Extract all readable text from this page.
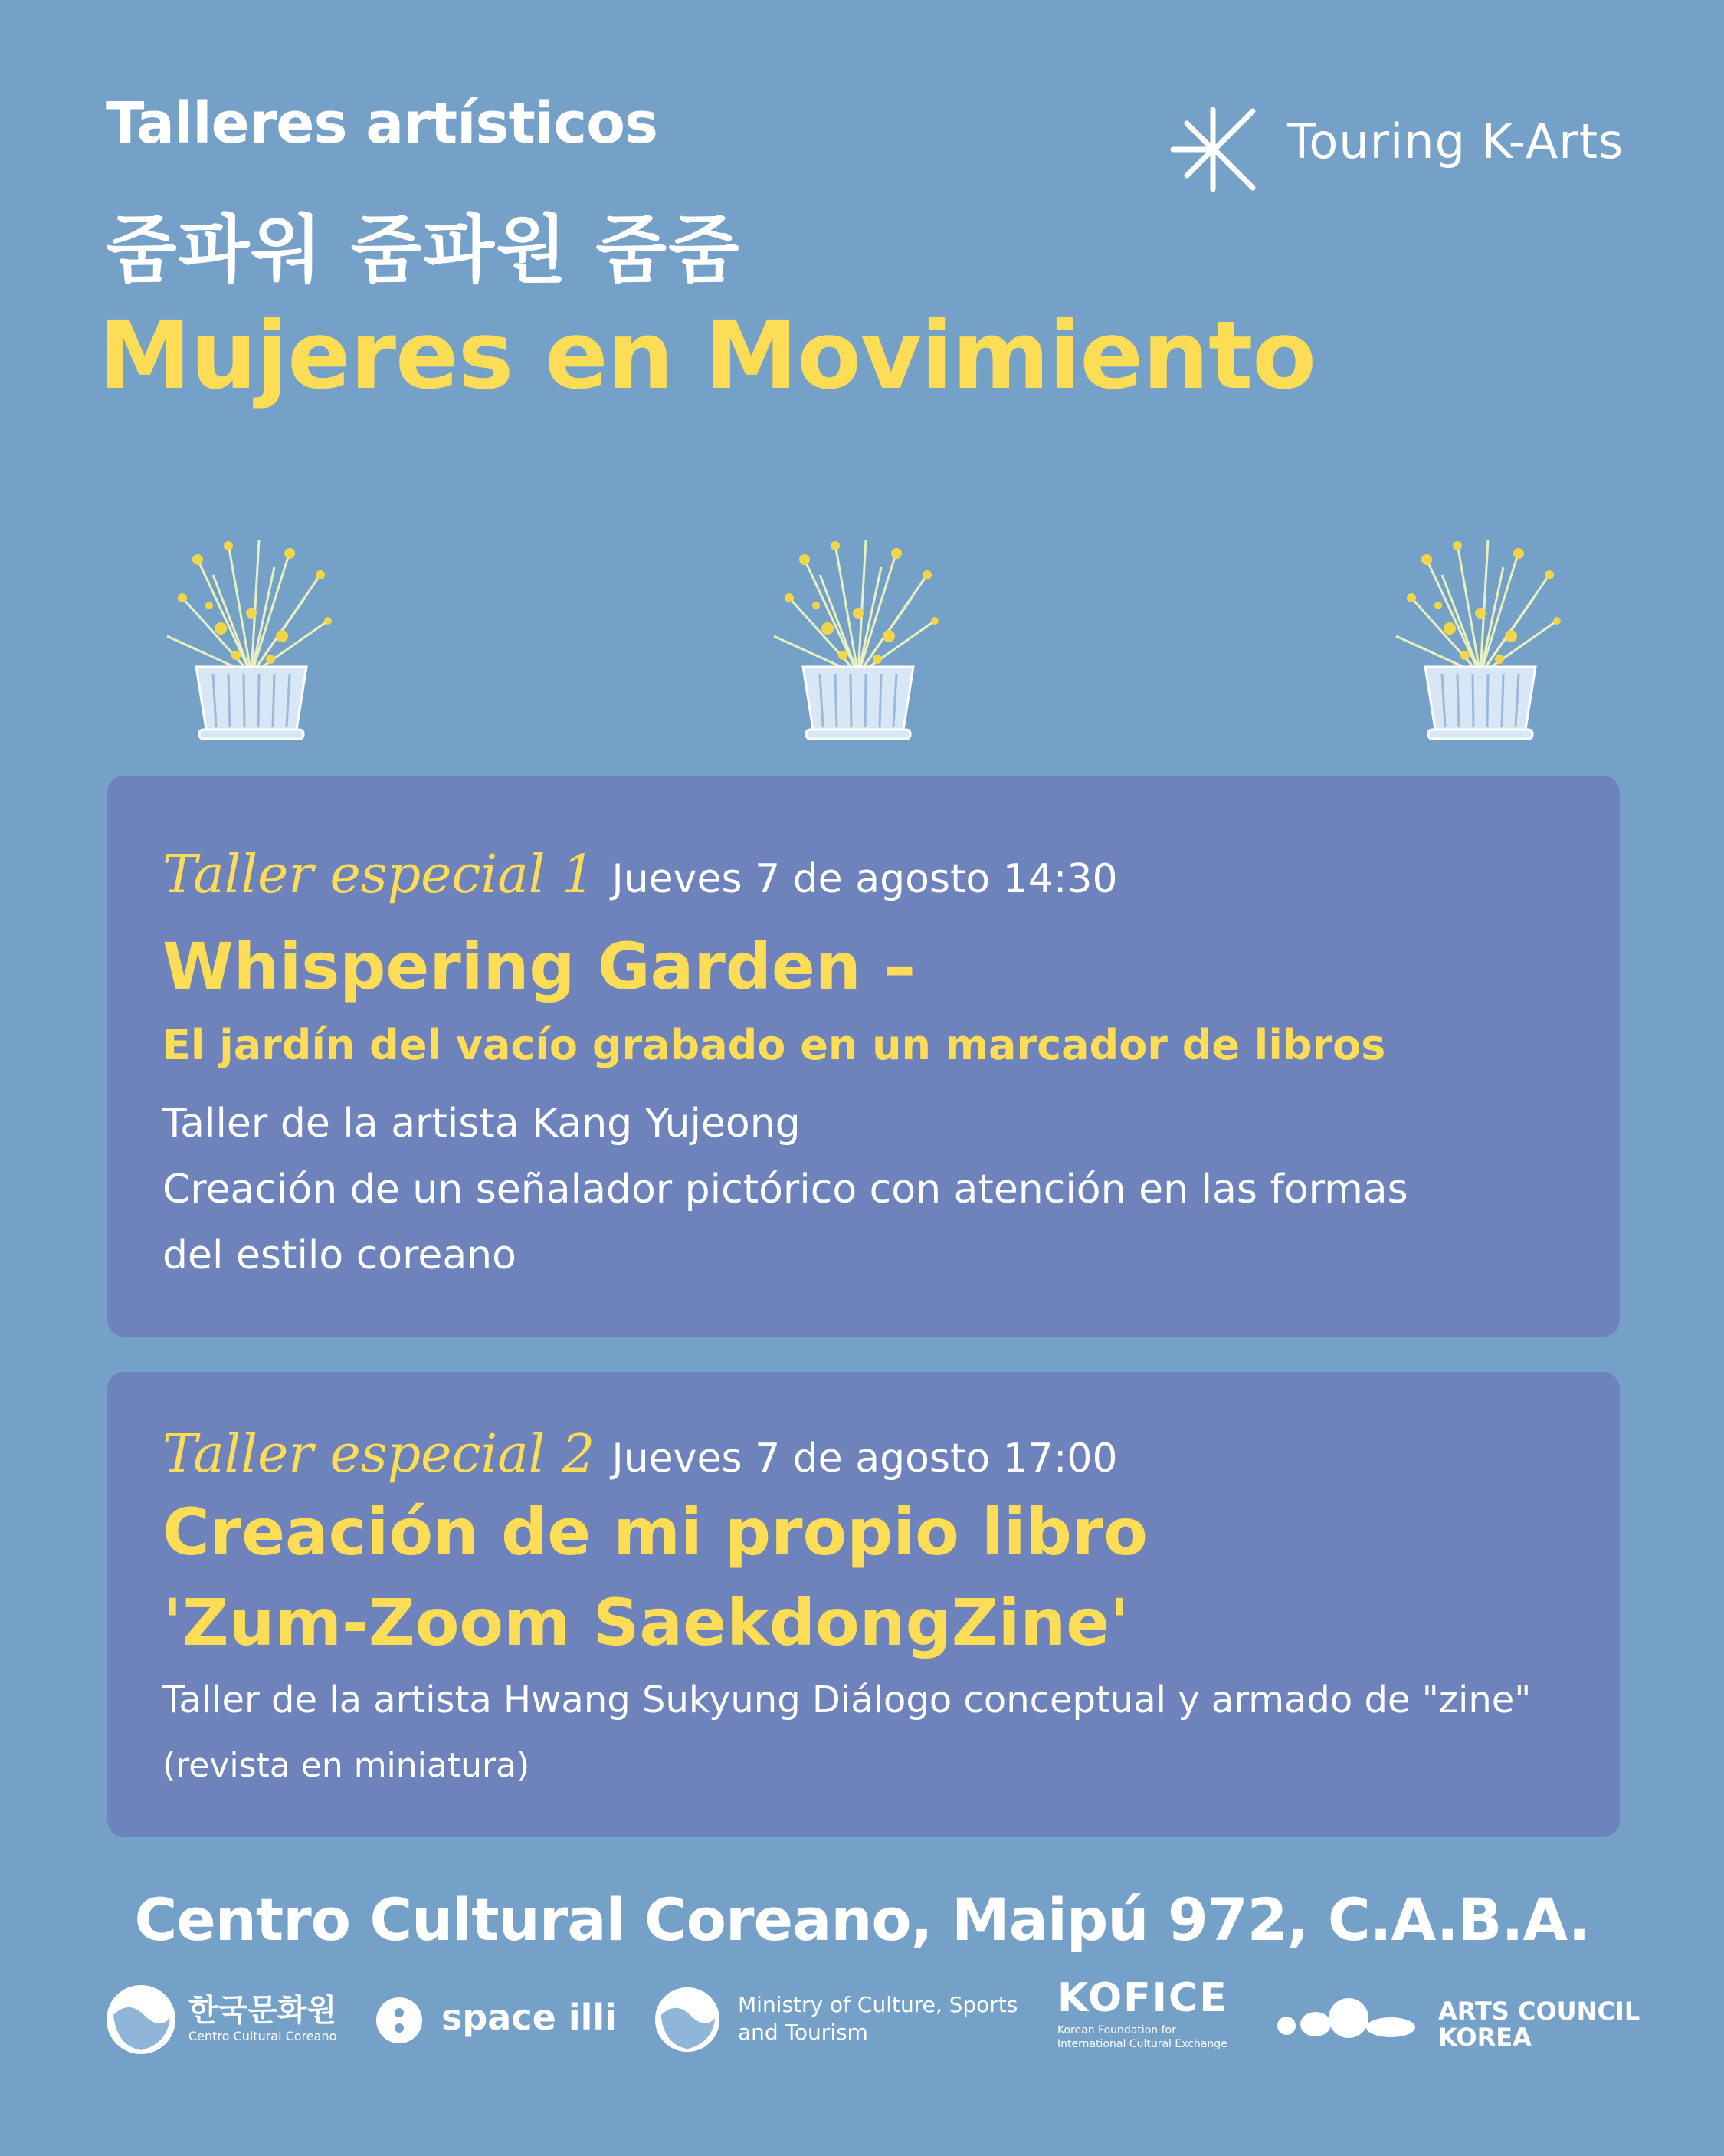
Talleres artísticos
줌파워 줌파원 줌줌
Mujeres en Movimiento
Touring K-Arts
Taller especial 1 Jueves 7 de agosto 14:30
Whispering Garden –
El jardín del vacío grabado en un marcador de libros
Taller de la artista Kang Yujeong
Creación de un señalador pictórico con atención en las formas
del estilo coreano
Taller especial 2 Jueves 7 de agosto 17:00
Creación de mi propio libro
'Zum-Zoom SaekdongZine'
Taller de la artista Hwang Sukyung Diálogo conceptual y armado de "zine"
(revista en miniatura)
Centro Cultural Coreano, Maipú 972, C.A.B.A.
한국문화원
Centro Cultural Coreano	space illi	Ministry of Culture, Sports
and Tourism
KOFICE
Korean Foundation for
International Cultural Exchange
ARTS COUNCIL
KOREA
